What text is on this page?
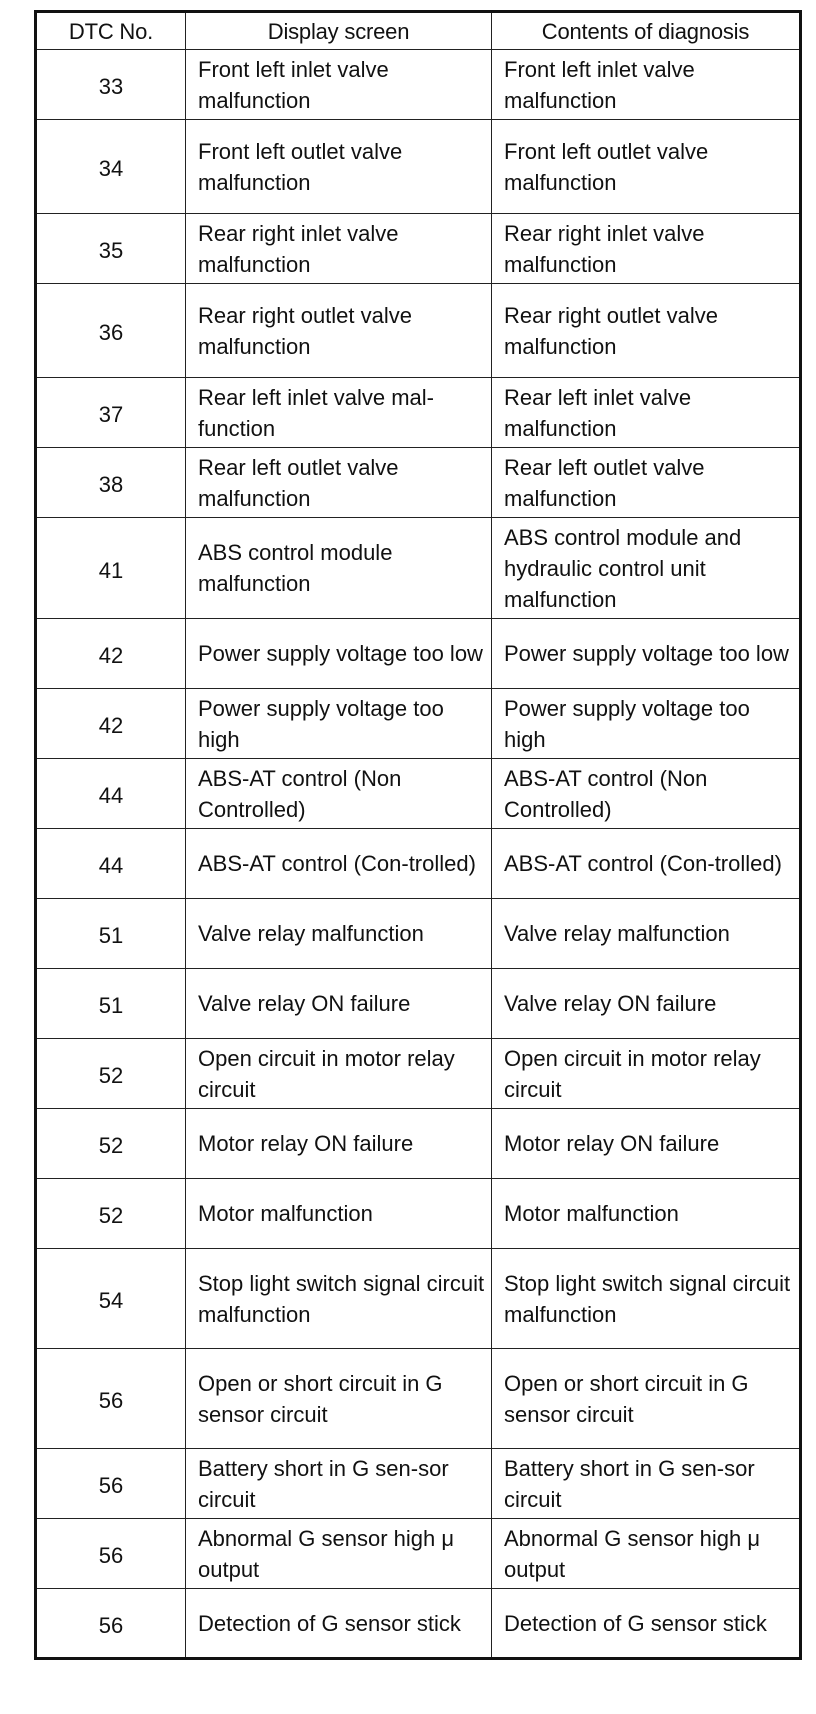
DTC No.	Display screen	Contents of diagnosis
33	Front left inlet valve malfunction	Front left inlet valve malfunction
34	Front left outlet valve malfunction	Front left outlet valve malfunction
35	Rear right inlet valve malfunction	Rear right inlet valve malfunction
36	Rear right outlet valve malfunction	Rear right outlet valve malfunction
37	Rear left inlet valve mal-function	Rear left inlet valve malfunction
38	Rear left outlet valve malfunction	Rear left outlet valve malfunction
41	ABS control module malfunction	ABS control module and hydraulic control unit malfunction
42	Power supply voltage too low	Power supply voltage too low
42	Power supply voltage too high	Power supply voltage too high
44	ABS-AT control (Non Controlled)	ABS-AT control (Non Controlled)
44	ABS-AT control (Con-trolled)	ABS-AT control (Con-trolled)
51	Valve relay malfunction	Valve relay malfunction
51	Valve relay ON failure	Valve relay ON failure
52	Open circuit in motor relay circuit	Open circuit in motor relay circuit
52	Motor relay ON failure	Motor relay ON failure
52	Motor malfunction	Motor malfunction
54	Stop light switch signal circuit malfunction	Stop light switch signal circuit malfunction
56	Open or short circuit in G sensor circuit	Open or short circuit in G sensor circuit
56	Battery short in G sen-sor circuit	Battery short in G sen-sor circuit
56	Abnormal G sensor high μ output	Abnormal G sensor high μ output
56	Detection of G sensor stick	Detection of G sensor stick
